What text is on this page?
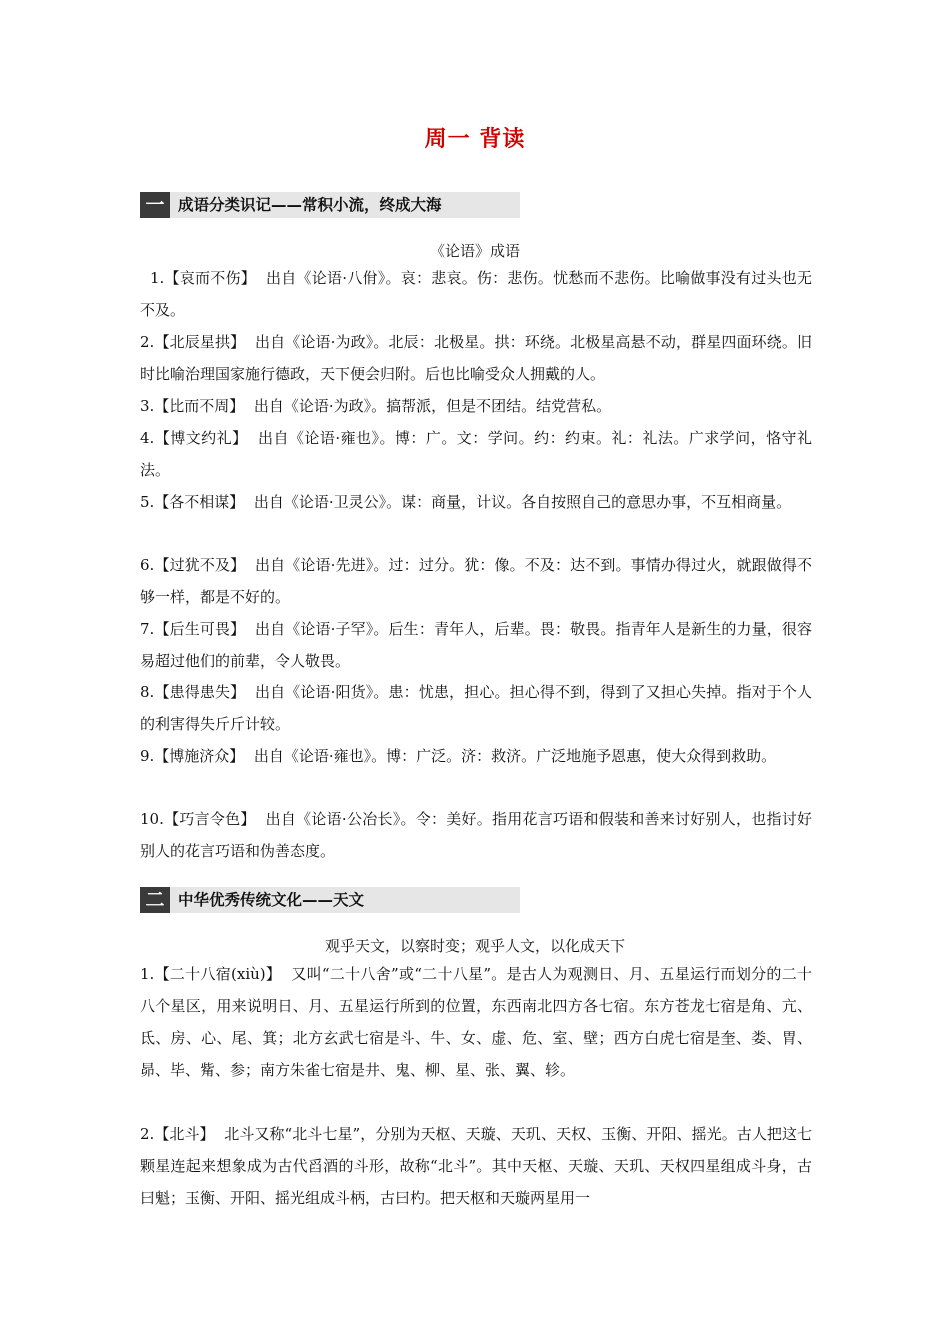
周一 背读
一 成语分类识记——常积小流，终成大海
《论语》成语
1.【哀而不伤】 出自《论语·八佾》。哀：悲哀。伤：悲伤。忧愁而不悲伤。比喻做事没有过头也无不及。
2.【北辰星拱】 出自《论语·为政》。北辰：北极星。拱：环绕。北极星高悬不动，群星四面环绕。旧时比喻治理国家施行德政，天下便会归附。后也比喻受众人拥戴的人。
3.【比而不周】 出自《论语·为政》。搞帮派，但是不团结。结党营私。
4.【博文约礼】 出自《论语·雍也》。博：广。文：学问。约：约束。礼：礼法。广求学问，恪守礼法。
5.【各不相谋】 出自《论语·卫灵公》。谋：商量，计议。各自按照自己的意思办事，不互相商量。
6.【过犹不及】 出自《论语·先进》。过：过分。犹：像。不及：达不到。事情办得过火，就跟做得不够一样，都是不好的。
7.【后生可畏】 出自《论语·子罕》。后生：青年人，后辈。畏：敬畏。指青年人是新生的力量，很容易超过他们的前辈，令人敬畏。
8.【患得患失】 出自《论语·阳货》。患：忧患，担心。担心得不到，得到了又担心失掉。指对于个人的利害得失斤斤计较。
9.【博施济众】 出自《论语·雍也》。博：广泛。济：救济。广泛地施予恩惠，使大众得到救助。
10.【巧言令色】 出自《论语·公冶长》。令：美好。指用花言巧语和假装和善来讨好别人，也指讨好别人的花言巧语和伪善态度。
二 中华优秀传统文化——天文
观乎天文，以察时变；观乎人文，以化成天下
1.【二十八宿(xiù)】 又叫“二十八舍”或“二十八星”。是古人为观测日、月、五星运行而划分的二十八个星区，用来说明日、月、五星运行所到的位置，东西南北四方各七宿。东方苍龙七宿是角、亢、氐、房、心、尾、箕；北方玄武七宿是斗、牛、女、虚、危、室、壁；西方白虎七宿是奎、娄、胃、昴、毕、觜、参；南方朱雀七宿是井、鬼、柳、星、张、翼、轸。
2.【北斗】 北斗又称“北斗七星”，分别为天枢、天璇、天玑、天权、玉衡、开阳、摇光。古人把这七颗星连起来想象成为古代舀酒的斗形，故称“北斗”。其中天枢、天璇、天玑、天权四星组成斗身，古曰魁；玉衡、开阳、摇光组成斗柄，古曰杓。把天枢和天璇两星用一
